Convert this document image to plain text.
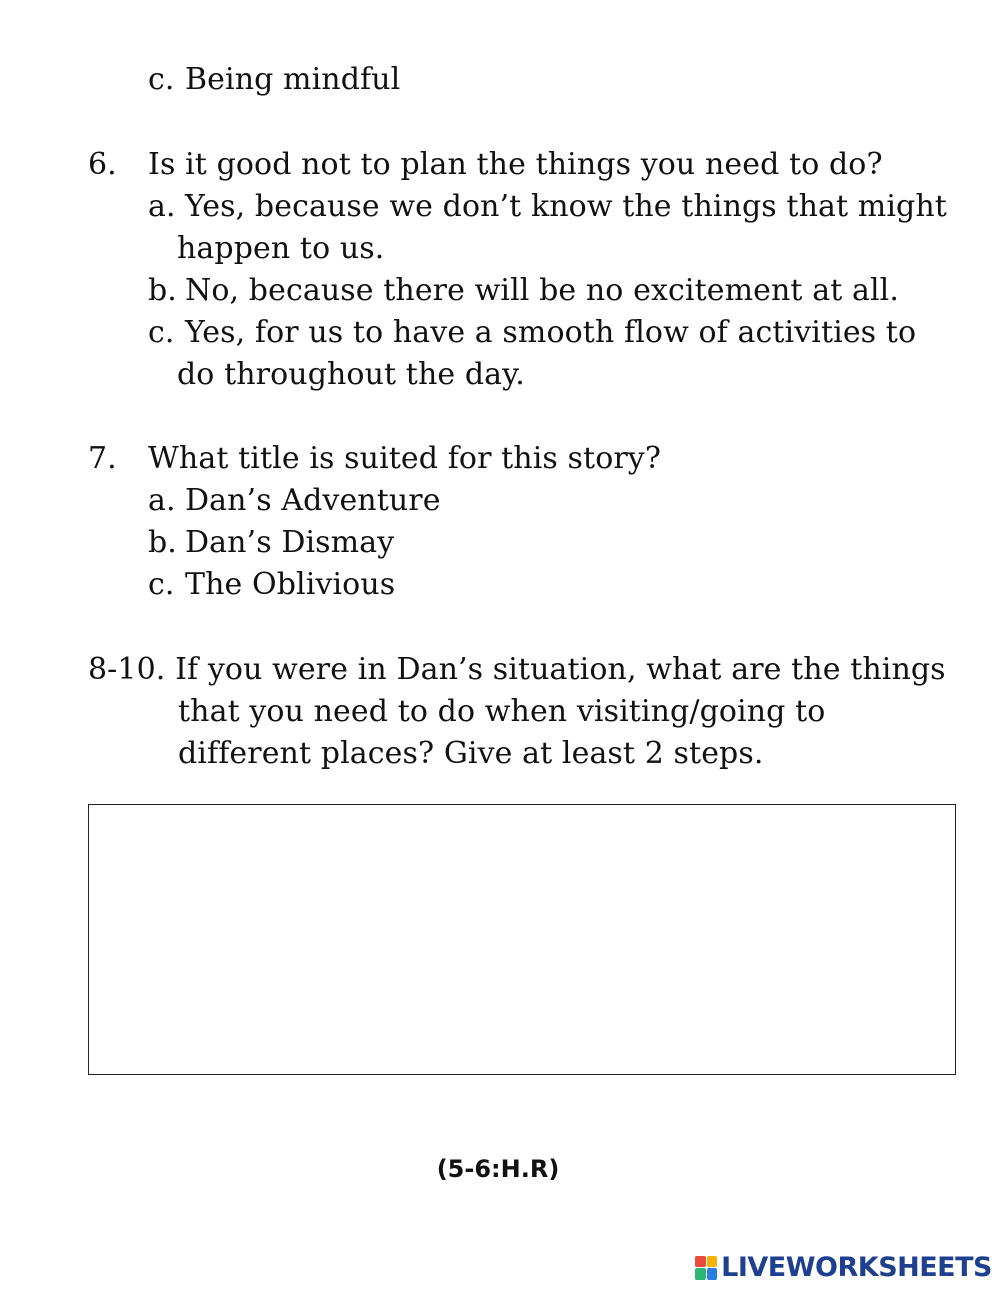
c. Being mindful
6. Is it good not to plan the things you need to do?
a. Yes, because we don’t know the things that might
happen to us.
b. No, because there will be no excitement at all.
c. Yes, for us to have a smooth flow of activities to
do throughout the day.
7. What title is suited for this story?
a. Dan’s Adventure
b. Dan’s Dismay
c. The Oblivious
8-10. If you were in Dan’s situation, what are the things
that you need to do when visiting/going to
different places? Give at least 2 steps.
(5-6:H.R)
LIVEWORKSHEETS
